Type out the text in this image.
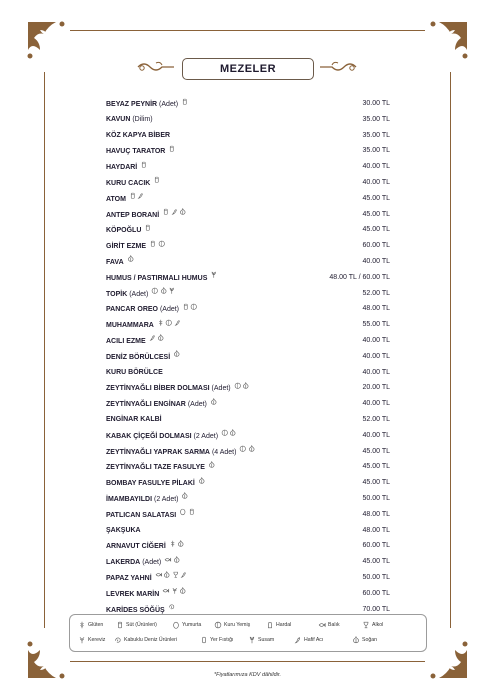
MEZELER
BEYAZ PEYNİR (Adet)	30.00 TL
KAVUN (Dilim)	35.00 TL
KÖZ KAPYA BİBER	35.00 TL
HAVUÇ TARATOR	35.00 TL
HAYDARİ	40.00 TL
KURU CACIK	40.00 TL
ATOM	45.00 TL
ANTEP BORANİ	45.00 TL
KÖPOĞLU	45.00 TL
GİRİT EZME	60.00 TL
FAVA	40.00 TL
HUMUS / PASTIRMALI HUMUS	48.00 TL / 60.00 TL
TOPİK (Adet)	52.00 TL
PANCAR OREO (Adet)	48.00 TL
MUHAMMARA	55.00 TL
ACILI EZME	40.00 TL
DENİZ BÖRÜLCESİ	40.00 TL
KURU BÖRÜLCE	40.00 TL
ZEYTİNYAĞLI BİBER DOLMASI (Adet)	20.00 TL
ZEYTİNYAĞLI ENGİNAR (Adet)	40.00 TL
ENGİNAR KALBİ	52.00 TL
KABAK ÇİÇEĞİ DOLMASI (2 Adet)	40.00 TL
ZEYTİNYAĞLI YAPRAK SARMA (4 Adet)	45.00 TL
ZEYTİNYAĞLI TAZE FASULYE	45.00 TL
BOMBAY FASULYE PİLAKİ	45.00 TL
İMAMBAYILDI (2 Adet)	50.00 TL
PATLICAN SALATASI	48.00 TL
ŞAKŞUKA	48.00 TL
ARNAVUT CİĞERİ	60.00 TL
LAKERDA (Adet)	45.00 TL
PAPAZ YAHNİ	50.00 TL
LEVREK MARİN	60.00 TL
KARİDES SÖĞÜŞ	70.00 TL
Glüten	Süt (Ürünleri)	Yumurta	Kuru Yemiş	Hardal	Balık	Alkol
Kereviz	Kabuklu Deniz Ürünleri	Yer Fıstığı	Susam	Hafif Acı	Soğan
*Fiyatlarımıza KDV dâhildir.
